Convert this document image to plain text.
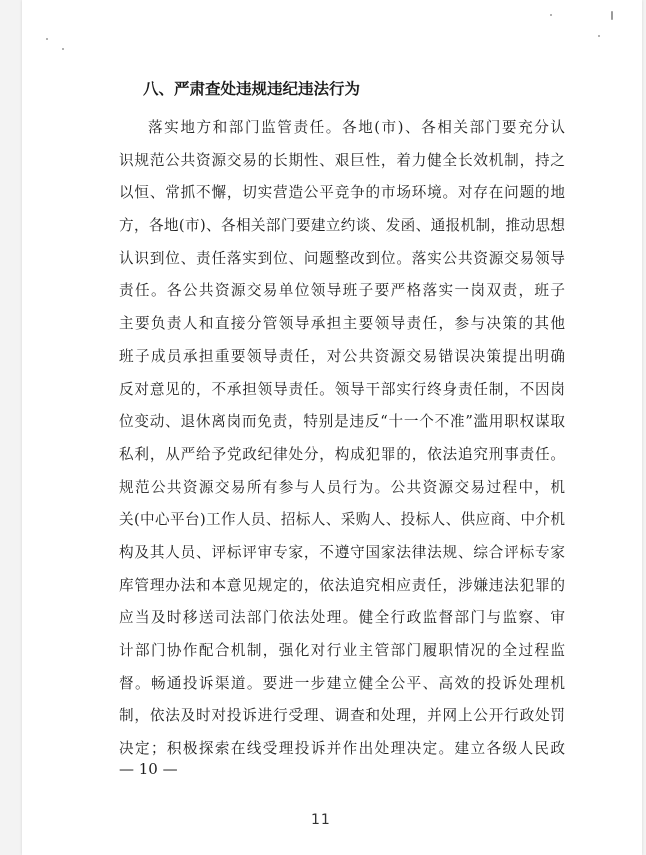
八、严肃查处违规违纪违法行为
落实地方和部门监管责任。各地(市)、各相关部门要充分认
识规范公共资源交易的长期性、艰巨性，着力健全长效机制，持之
以恒、常抓不懈，切实营造公平竞争的市场环境。对存在问题的地
方，各地(市)、各相关部门要建立约谈、发函、通报机制，推动思想
认识到位、责任落实到位、问题整改到位。落实公共资源交易领导
责任。各公共资源交易单位领导班子要严格落实一岗双责，班子
主要负责人和直接分管领导承担主要领导责任，参与决策的其他
班子成员承担重要领导责任，对公共资源交易错误决策提出明确
反对意见的，不承担领导责任。领导干部实行终身责任制，不因岗
位变动、退休离岗而免责，特别是违反“十一个不准”滥用职权谋取
私利，从严给予党政纪律处分，构成犯罪的，依法追究刑事责任。
规范公共资源交易所有参与人员行为。公共资源交易过程中，机
关(中心平台)工作人员、招标人、采购人、投标人、供应商、中介机
构及其人员、评标评审专家，不遵守国家法律法规、综合评标专家
库管理办法和本意见规定的，依法追究相应责任，涉嫌违法犯罪的
应当及时移送司法部门依法处理。健全行政监督部门与监察、审
计部门协作配合机制，强化对行业主管部门履职情况的全过程监
督。畅通投诉渠道。要进一步建立健全公平、高效的投诉处理机
制，依法及时对投诉进行受理、调查和处理，并网上公开行政处罚
决定；积极探索在线受理投诉并作出处理决定。建立各级人民政
— 10 —
11
